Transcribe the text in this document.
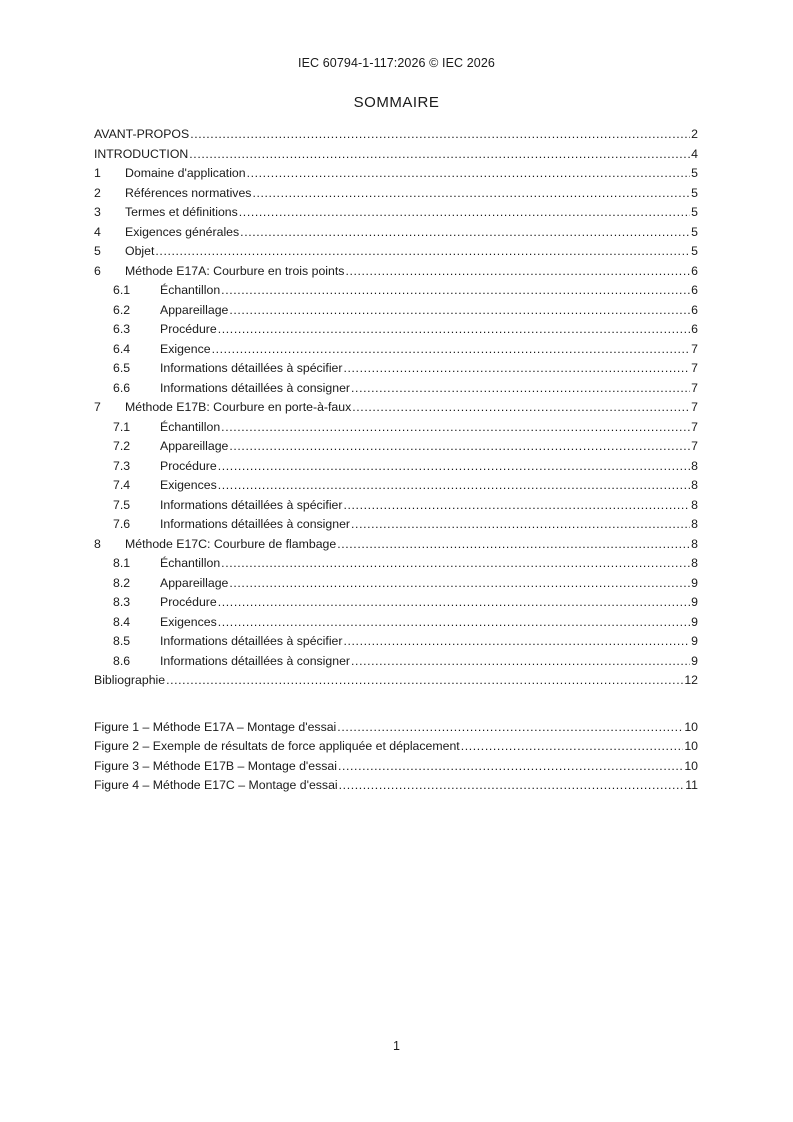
IEC 60794-1-117:2026 © IEC 2026
SOMMAIRE
AVANT-PROPOS .....	2
INTRODUCTION .....	4
1	Domaine d'application .....	5
2	Références normatives .....	5
3	Termes et définitions .....	5
4	Exigences générales .....	5
5	Objet .....	5
6	Méthode E17A: Courbure en trois points .....	6
6.1	Échantillon .....	6
6.2	Appareillage .....	6
6.3	Procédure .....	6
6.4	Exigence .....	7
6.5	Informations détaillées à spécifier .....	7
6.6	Informations détaillées à consigner .....	7
7	Méthode E17B: Courbure en porte-à-faux .....	7
7.1	Échantillon .....	7
7.2	Appareillage .....	7
7.3	Procédure .....	8
7.4	Exigences .....	8
7.5	Informations détaillées à spécifier .....	8
7.6	Informations détaillées à consigner .....	8
8	Méthode E17C: Courbure de flambage .....	8
8.1	Échantillon .....	8
8.2	Appareillage .....	9
8.3	Procédure .....	9
8.4	Exigences .....	9
8.5	Informations détaillées à spécifier .....	9
8.6	Informations détaillées à consigner .....	9
Bibliographie .....	12
Figure 1 – Méthode E17A – Montage d'essai .....	10
Figure 2 – Exemple de résultats de force appliquée et déplacement .....	10
Figure 3 – Méthode E17B – Montage d'essai .....	10
Figure 4 – Méthode E17C – Montage d'essai .....	11
1
